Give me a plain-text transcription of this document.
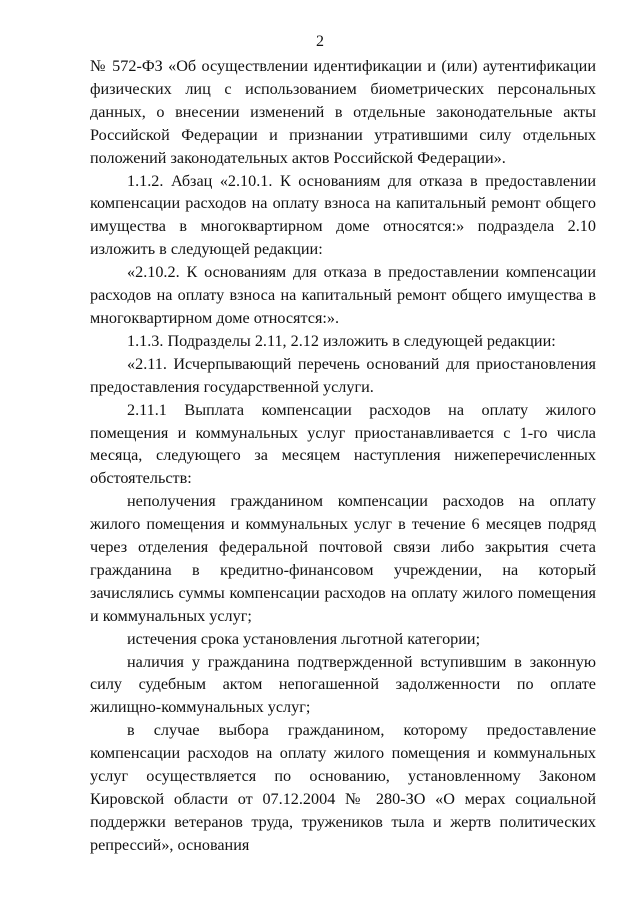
2

№ 572-ФЗ «Об осуществлении идентификации и (или) аутентификации физических лиц с использованием биометрических персональных данных, о внесении изменений в отдельные законодательные акты Российской Федерации и признании утратившими силу отдельных положений законодательных актов Российской Федерации».

1.1.2. Абзац «2.10.1. К основаниям для отказа в предоставлении компенсации расходов на оплату взноса на капитальный ремонт общего имущества в многоквартирном доме относятся:» подраздела 2.10 изложить в следующей редакции:

«2.10.2. К основаниям для отказа в предоставлении компенсации расходов на оплату взноса на капитальный ремонт общего имущества в многоквартирном доме относятся:».

1.1.3. Подразделы 2.11, 2.12 изложить в следующей редакции:

«2.11. Исчерпывающий перечень оснований для приостановления предоставления государственной услуги.

2.11.1 Выплата компенсации расходов на оплату жилого помещения и коммунальных услуг приостанавливается с 1-го числа месяца, следующего за месяцем наступления нижеперечисленных обстоятельств:

неполучения гражданином компенсации расходов на оплату жилого помещения и коммунальных услуг в течение 6 месяцев подряд через отделения федеральной почтовой связи либо закрытия счета гражданина в кредитно-финансовом учреждении, на который зачислялись суммы компенсации расходов на оплату жилого помещения и коммунальных услуг;

истечения срока установления льготной категории;

наличия у гражданина подтвержденной вступившим в законную силу судебным актом непогашенной задолженности по оплате жилищно-коммунальных услуг;

в случае выбора гражданином, которому предоставление компенсации расходов на оплату жилого помещения и коммунальных услуг осуществляется по основанию, установленному Законом Кировской области от 07.12.2004 № 280-ЗО «О мерах социальной поддержки ветеранов труда, тружеников тыла и жертв политических репрессий», основания
